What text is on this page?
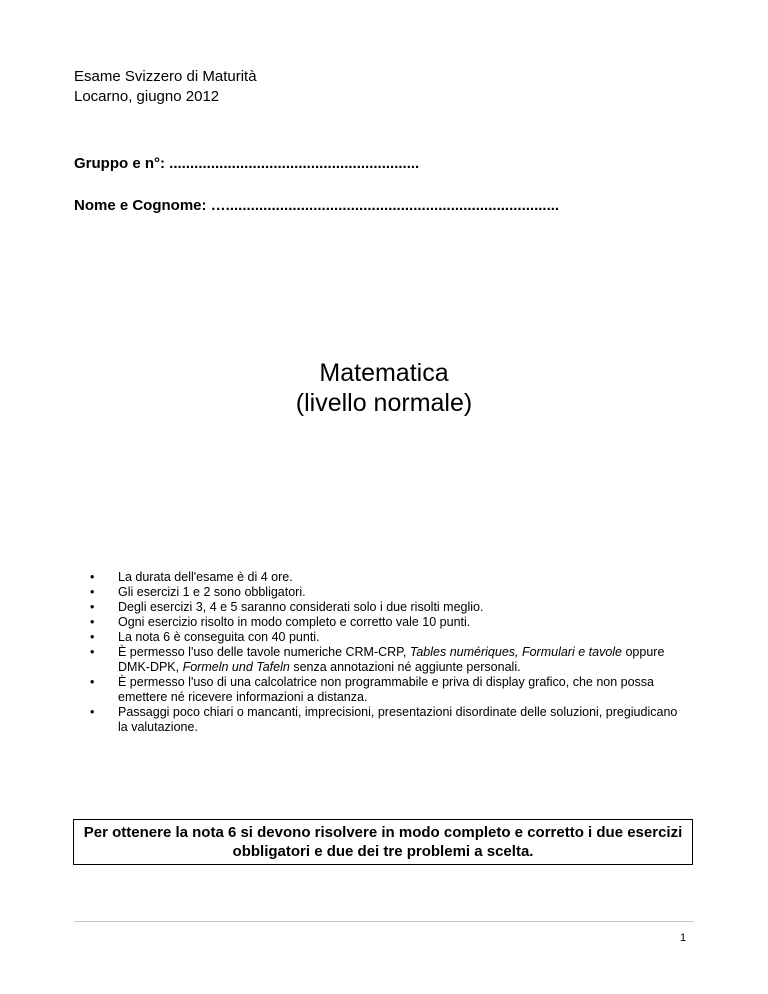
Esame Svizzero di Maturità
Locarno, giugno 2012
Gruppo e n°: ............................................................
Nome e Cognome: …................................................................................
Matematica
(livello normale)
• La durata dell'esame è di 4 ore.
• Gli esercizi 1 e 2 sono obbligatori.
• Degli esercizi 3, 4 e 5 saranno considerati solo i due risolti meglio.
• Ogni esercizio risolto in modo completo e corretto vale 10 punti.
• La nota 6 è conseguita con 40 punti.
• È permesso l'uso delle tavole numeriche CRM-CRP, Tables numériques, Formulari e tavole oppure DMK-DPK, Formeln und Tafeln senza annotazioni né aggiunte personali.
• È permesso l'uso di una calcolatrice non programmabile e priva di display grafico, che non possa emettere né ricevere informazioni a distanza.
• Passaggi poco chiari o mancanti, imprecisioni, presentazioni disordinate delle soluzioni, pregiudicano la valutazione.
Per ottenere la nota 6 si devono risolvere in modo completo e corretto i due esercizi obbligatori e due dei tre problemi a scelta.
1
